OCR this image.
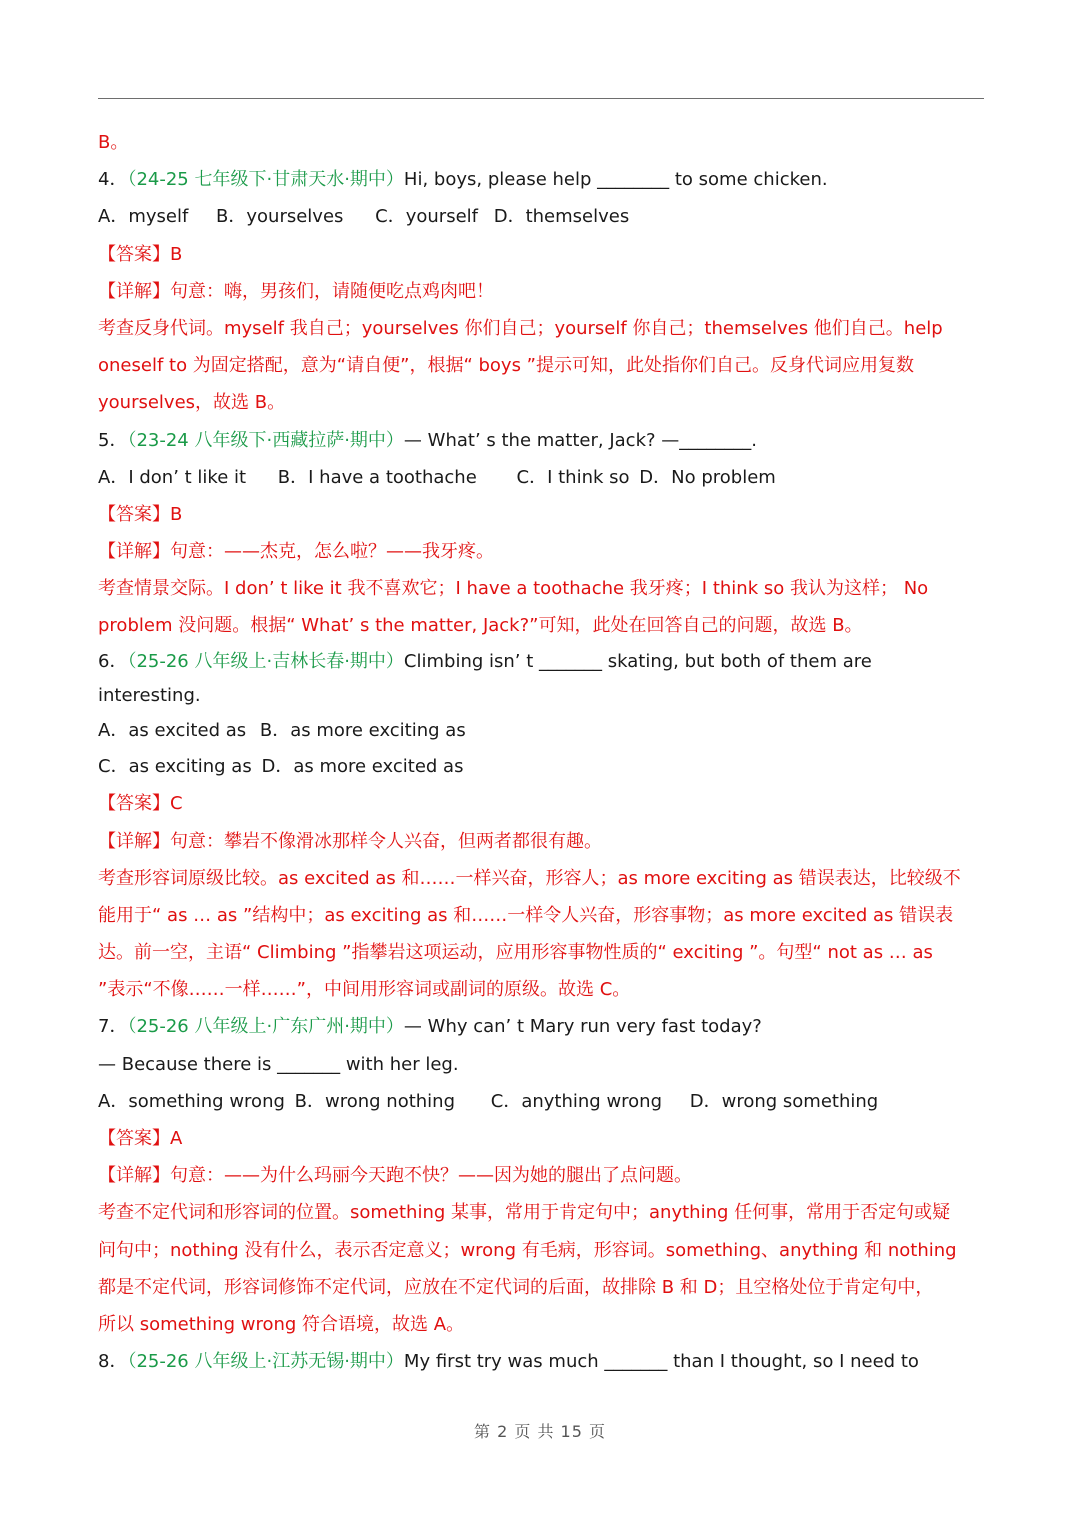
B。
4．（24-25 七年级下·甘肃天水·期中）Hi, boys, please help ________ to some chicken.
A．myself B．yourselves C．yourself D．themselves
【答案】B
【详解】句意：嗨，男孩们，请随便吃点鸡肉吧！
考查反身代词。myself 我自己；yourselves 你们自己；yourself 你自己；themselves 他们自己。help
oneself to 为固定搭配，意为“请自便”，根据“ boys ”提示可知，此处指你们自己。反身代词应用复数
yourselves，故选 B。
5．（23-24 八年级下·西藏拉萨·期中）— What’ s the matter, Jack? —________.
A．I don’ t like it B．I have a toothache C．I think so D．No problem
【答案】B
【详解】句意：——杰克，怎么啦？——我牙疼。
考查情景交际。I don’ t like it 我不喜欢它；I have a toothache 我牙疼；I think so 我认为这样； No
problem 没问题。根据“ What’ s the matter, Jack?”可知，此处在回答自己的问题，故选 B。
6．（25-26 八年级上·吉林长春·期中）Climbing isn’ t _______ skating, but both of them are
interesting.
A．as excited as B．as more exciting as
C．as exciting as D．as more excited as
【答案】C
【详解】句意：攀岩不像滑冰那样令人兴奋，但两者都很有趣。
考查形容词原级比较。as excited as 和……一样兴奋，形容人；as more exciting as 错误表达，比较级不
能用于“ as … as ”结构中；as exciting as 和……一样令人兴奋，形容事物；as more excited as 错误表
达。前一空，主语“ Climbing ”指攀岩这项运动，应用形容事物性质的“ exciting ”。句型“ not as … as
”表示“不像……一样……”，中间用形容词或副词的原级。故选 C。
7．（25-26 八年级上·广东广州·期中）— Why can’ t Mary run very fast today?
— Because there is _______ with her leg.
A．something wrong B．wrong nothing C．anything wrong D．wrong something
【答案】A
【详解】句意：——为什么玛丽今天跑不快？——因为她的腿出了点问题。
考查不定代词和形容词的位置。something 某事，常用于肯定句中；anything 任何事，常用于否定句或疑
问句中；nothing 没有什么，表示否定意义；wrong 有毛病，形容词。something、anything 和 nothing
都是不定代词，形容词修饰不定代词，应放在不定代词的后面，故排除 B 和 D；且空格处位于肯定句中，
所以 something wrong 符合语境，故选 A。
8．（25-26 八年级上·江苏无锡·期中）My first try was much _______ than I thought, so I need to
第 2 页 共 15 页
